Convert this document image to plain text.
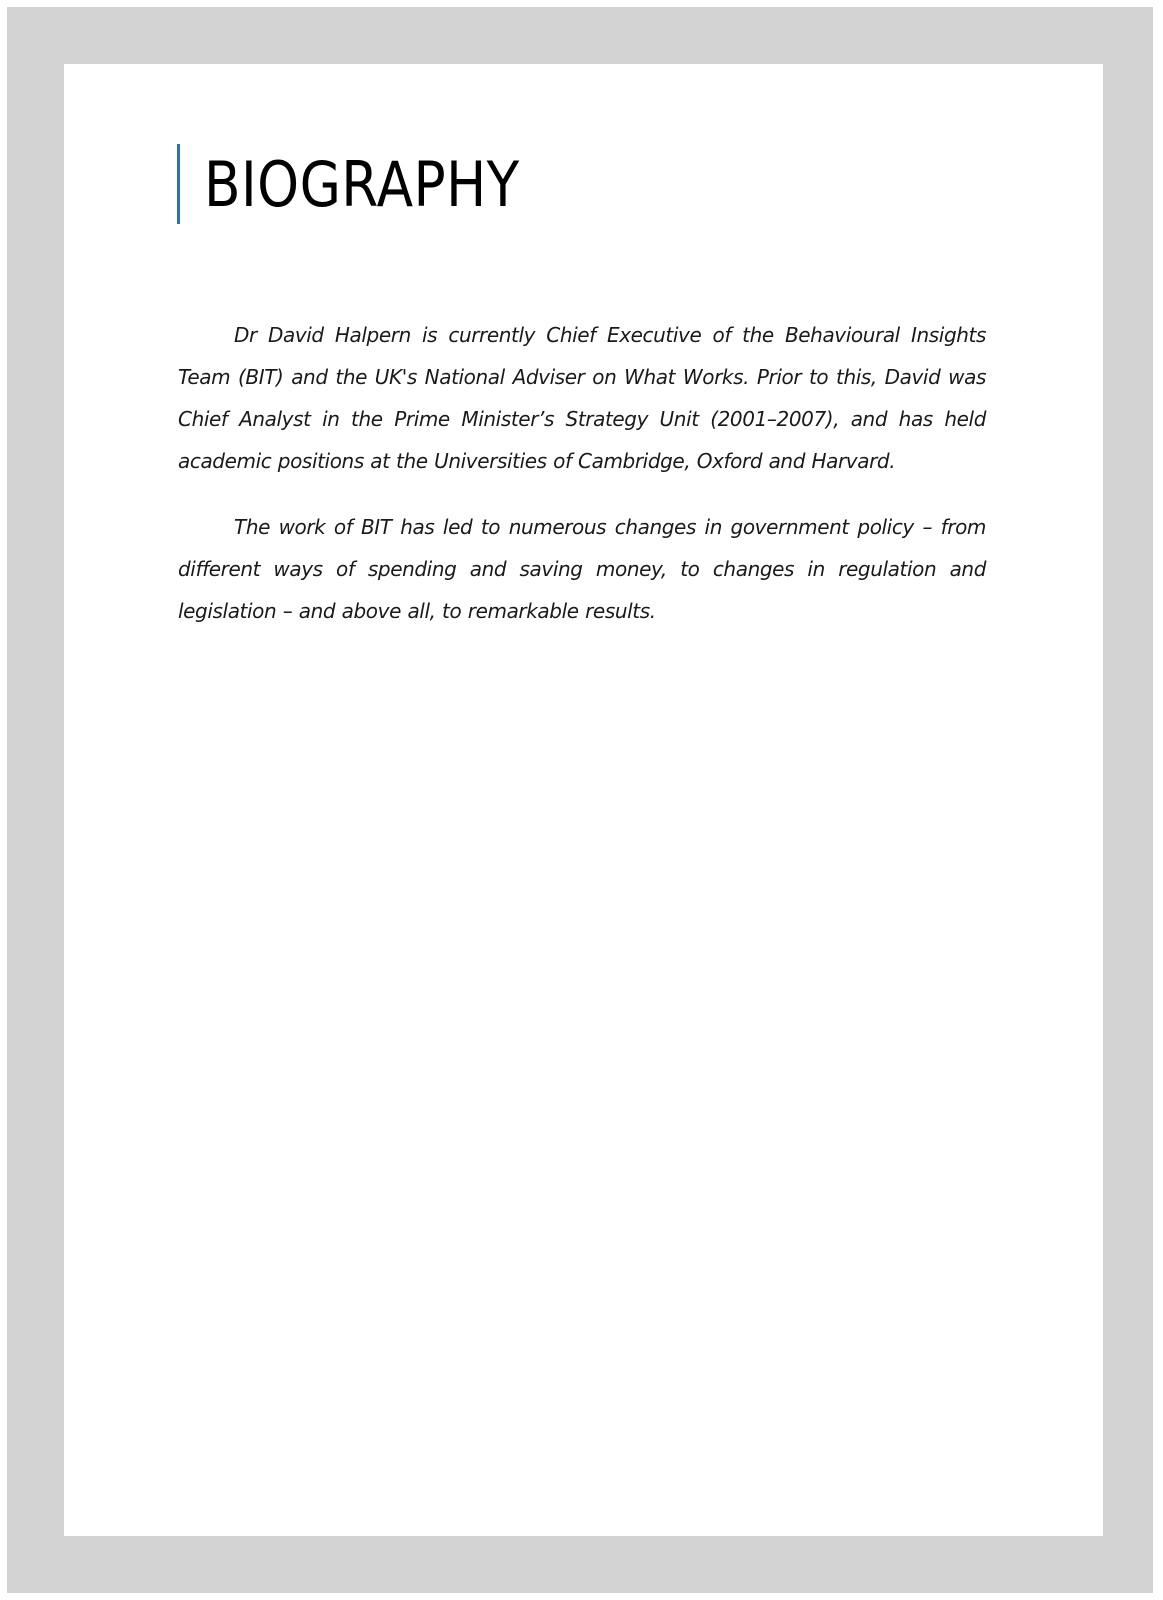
BIOGRAPHY

Dr David Halpern is currently Chief Executive of the Behavioural Insights Team (BIT) and the UK's National Adviser on What Works. Prior to this, David was Chief Analyst in the Prime Minister’s Strategy Unit (2001–2007), and has held academic positions at the Universities of Cambridge, Oxford and Harvard.

The work of BIT has led to numerous changes in government policy – from different ways of spending and saving money, to changes in regulation and legislation – and above all, to remarkable results.
